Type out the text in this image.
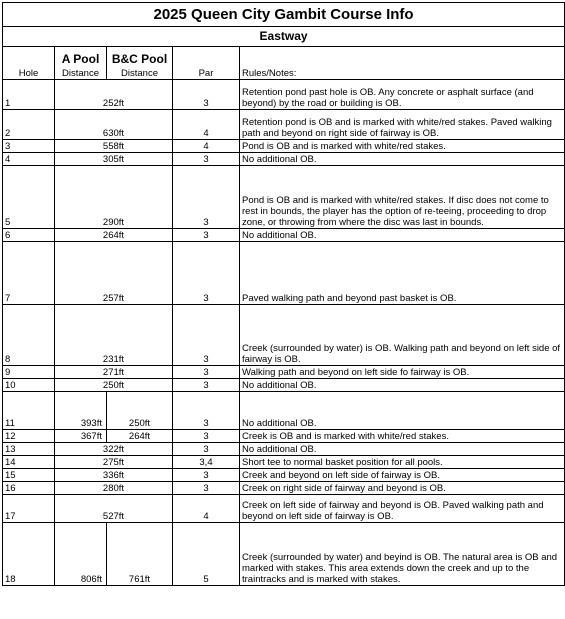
2025 Queen City Gambit Course Info				
Eastway				
	A Pool	B&C Pool		
Hole	Distance	Distance	Par	Rules/Notes:
1	252ft		3	Retention pond past hole is OB. Any concrete or asphalt surface (and beyond) by the road or building is OB.
2	630ft		4	Retention pond is OB and is marked with white/red stakes. Paved walking path and beyond on right side of fairway is OB.
3	558ft		4	Pond is OB and is marked with white/red stakes.
4	305ft		3	No additional OB.
5	290ft		3	Pond is OB and is marked with white/red stakes. If disc does not come to rest in bounds, the player has the option of re-teeing, proceeding to drop zone, or throwing from where the disc was last in bounds.
6	264ft		3	No additional OB.
7	257ft		3	Paved walking path and beyond past basket is OB.
8	231ft		3	Creek (surrounded by water) is OB. Walking path and beyond on left side of fairway is OB.
9	271ft		3	Walking path and beyond on left side fo fairway is OB.
10	250ft		3	No additional OB.
11	393ft	250ft	3	No additional OB.
12	367ft	264ft	3	Creek is OB and is marked with white/red stakes.
13	322ft		3	No additional OB.
14	275ft		3,4	Short tee to normal basket position for all pools.
15	336ft		3	Creek and beyond on left side of fairway is OB.
16	280ft		3	Creek on right side of fairway and beyond is OB.
17	527ft		4	Creek on left side of fairway and beyond is OB. Paved walking path and beyond on left side of fairway is OB.
18	806ft	761ft	5	Creek (surrounded by water) and beyind is OB. The natural area is OB and marked with stakes. This area extends down the creek and up to the traintracks and is marked with stakes.
